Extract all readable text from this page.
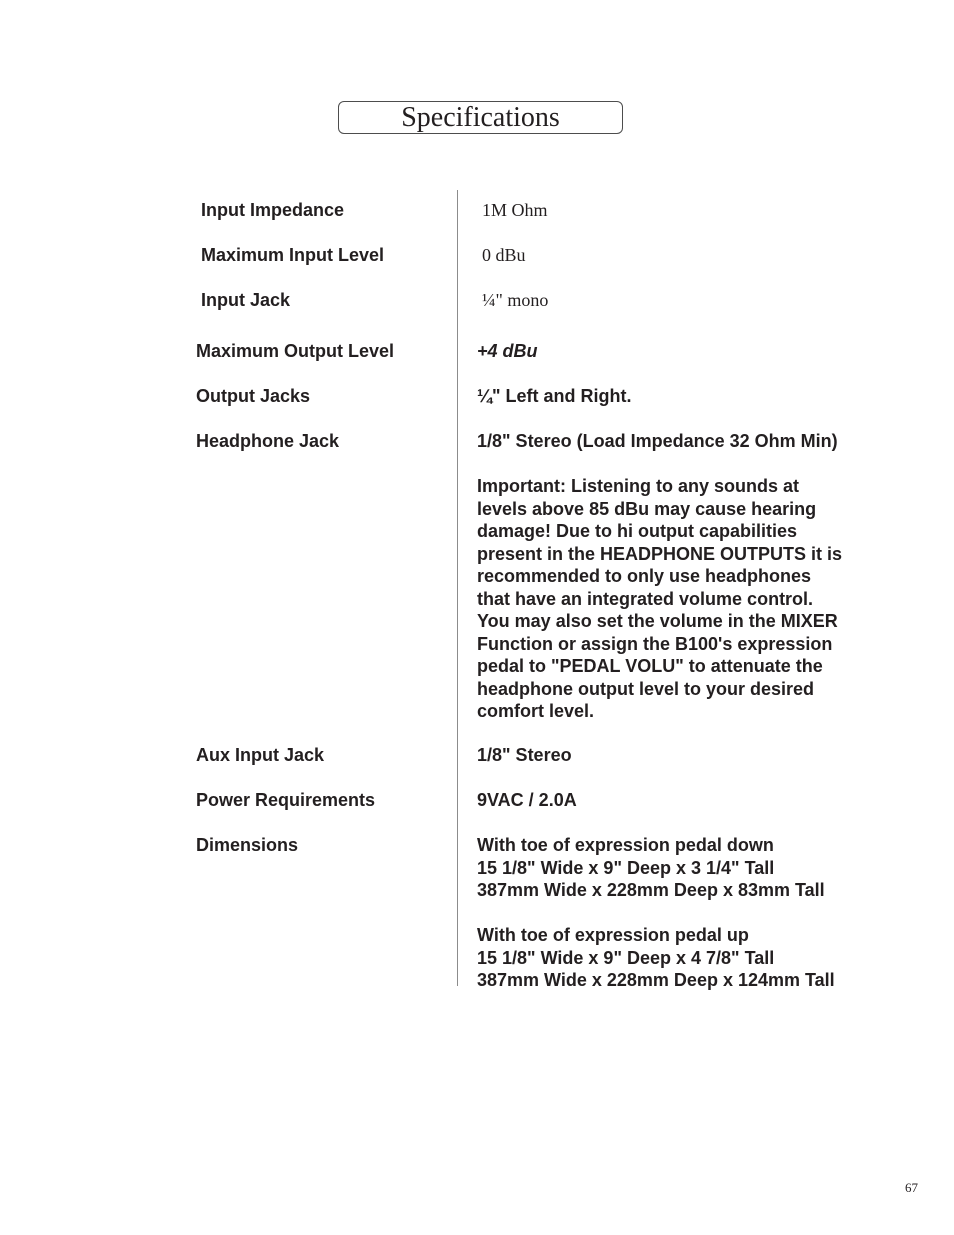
Specifications
Input Impedance
Maximum Input Level
Input Jack
Maximum Output Level
Output Jacks
Headphone Jack
Aux Input Jack
Power Requirements
Dimensions
1M Ohm
0 dBu
¼" mono
+4 dBu
¼" Left and Right.
1/8" Stereo (Load Impedance 32 Ohm Min)
Important: Listening to any sounds at
levels above 85 dBu may cause hearing
damage! Due to hi output capabilities
present in the HEADPHONE OUTPUTS it is
recommended to only use headphones
that have an integrated volume control.
You may also set the volume in the MIXER
Function or assign the B100's expression
pedal to "PEDAL VOLU" to attenuate the
headphone output level to your desired
comfort level.
1/8" Stereo
9VAC / 2.0A
With toe of expression pedal down
15 1/8" Wide x 9" Deep x 3 1/4" Tall
387mm Wide x 228mm Deep x 83mm Tall
With toe of expression pedal up
15 1/8" Wide x 9" Deep x 4 7/8" Tall
387mm Wide x 228mm Deep x 124mm Tall
67
